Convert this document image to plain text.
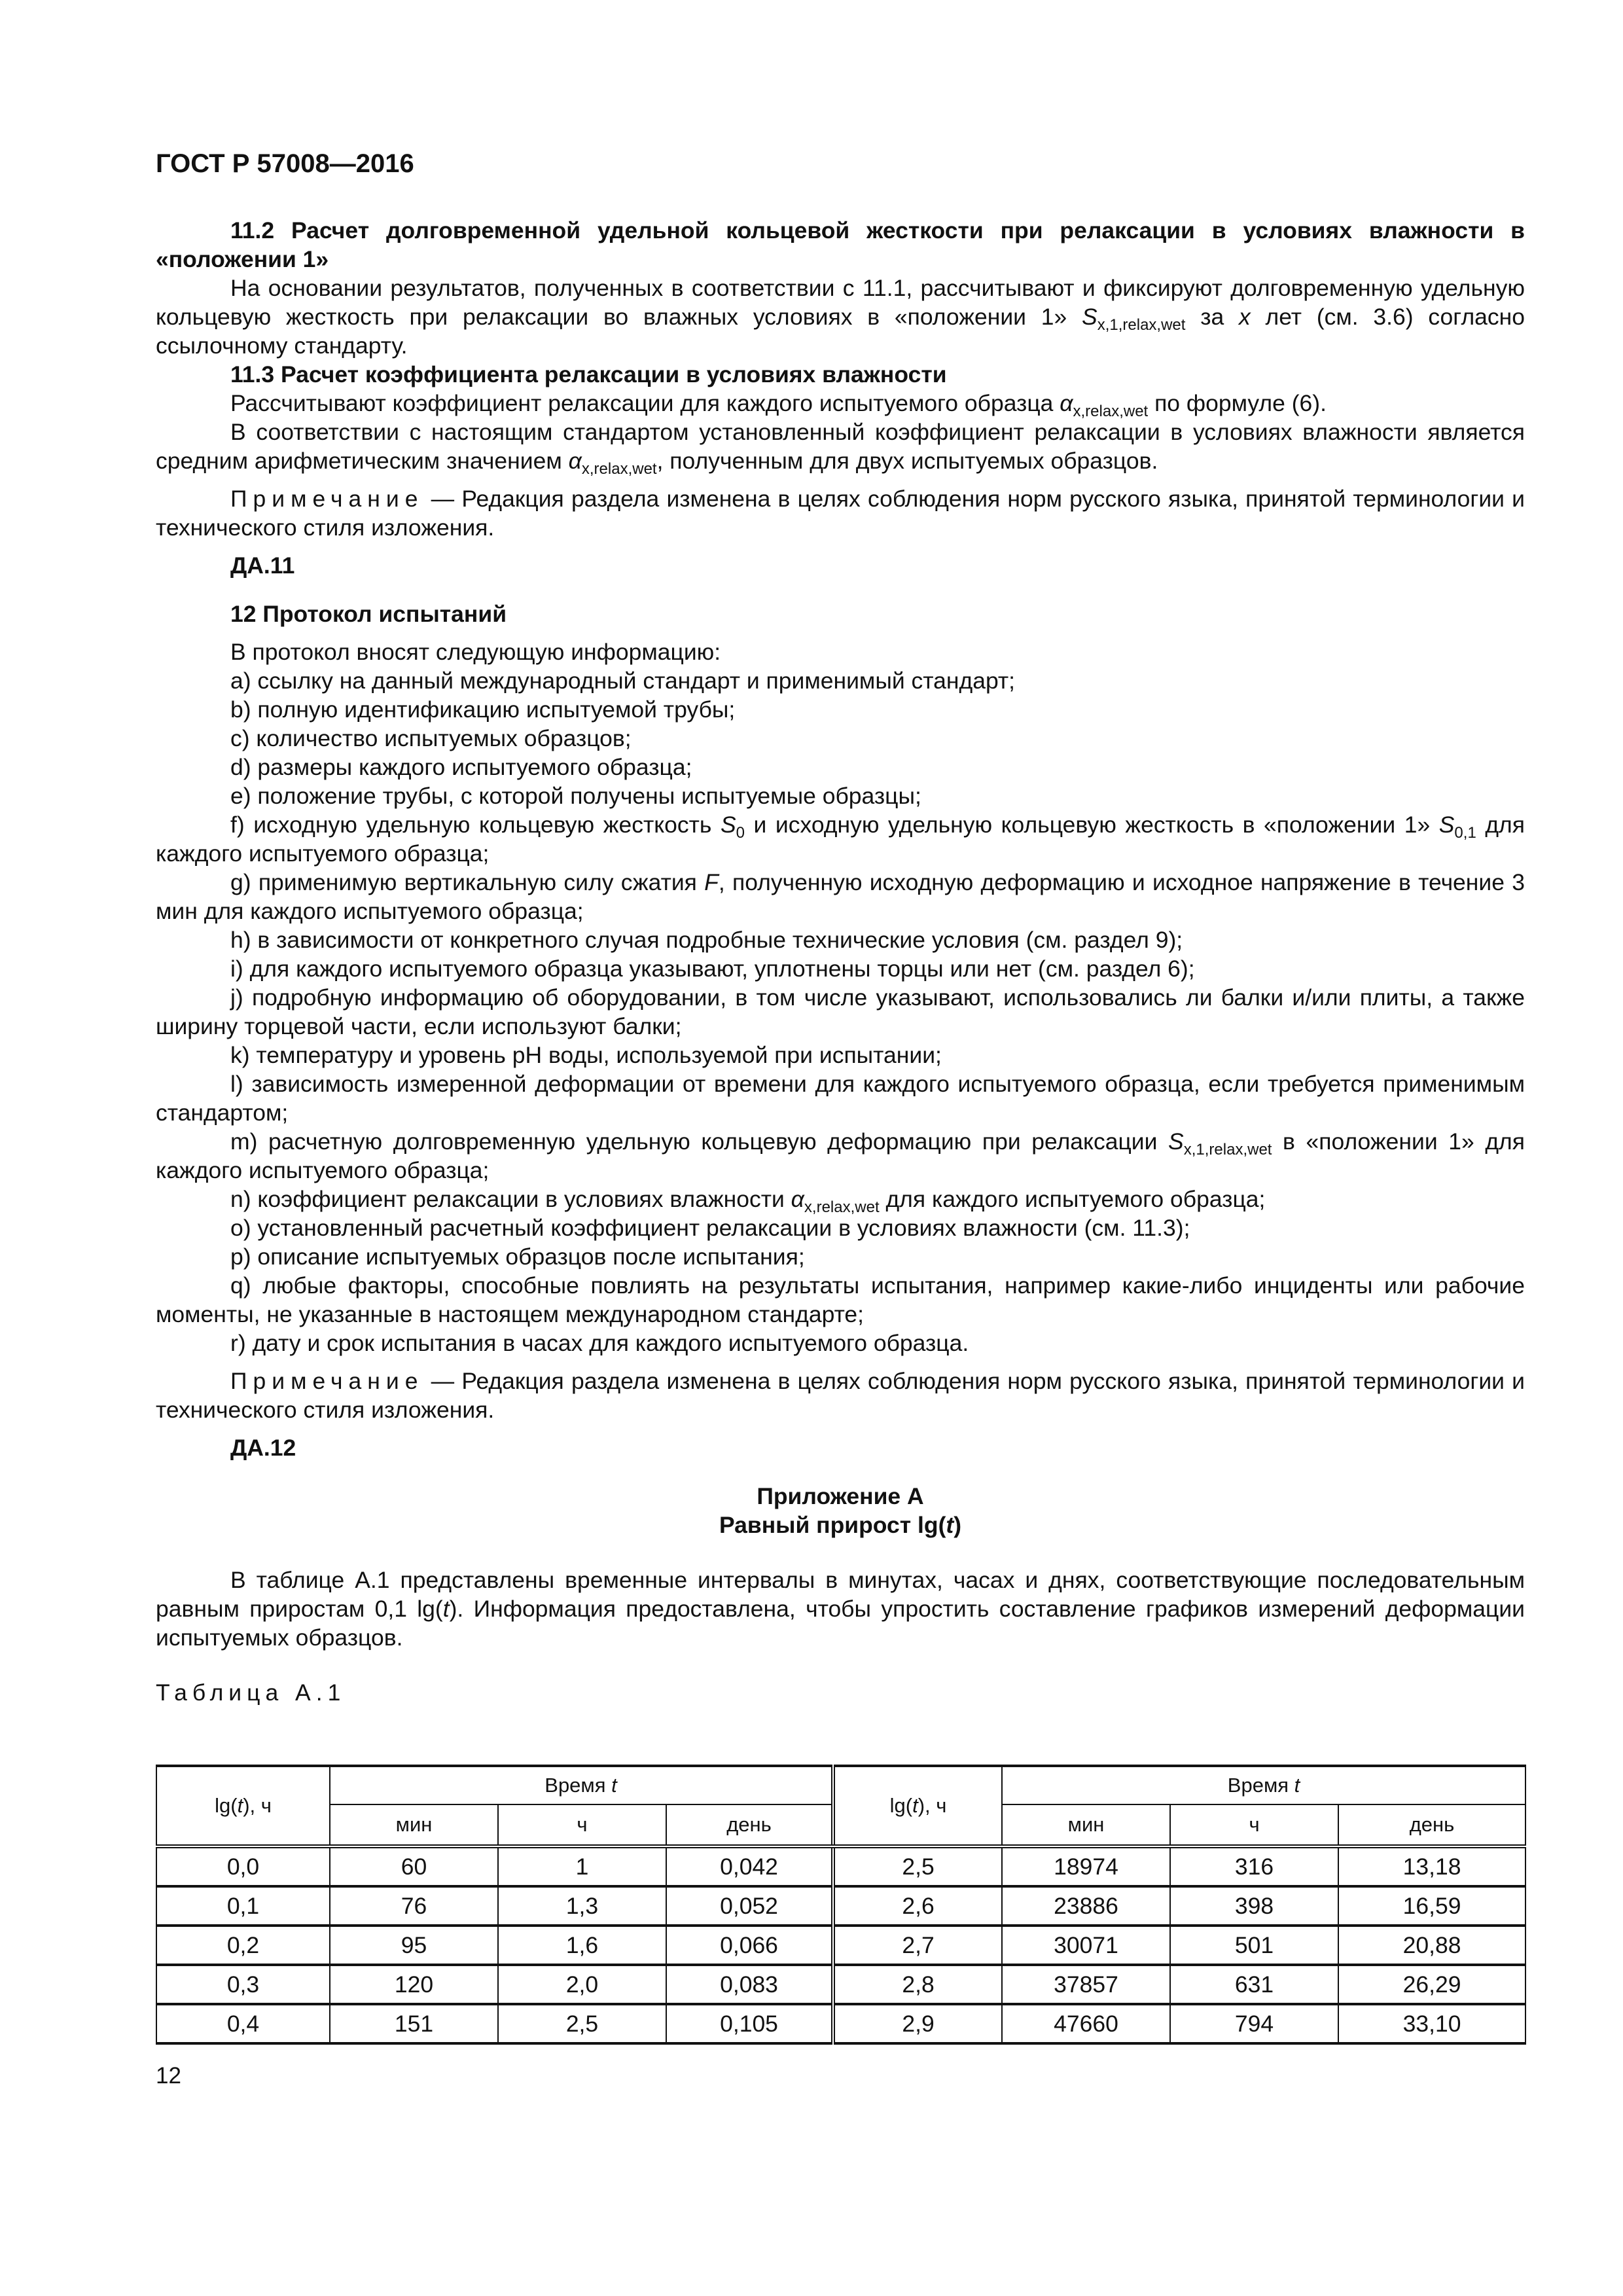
ГОСТ Р 57008—2016

11.2 Расчет долговременной удельной кольцевой жесткости при релаксации в условиях влажности в «положении 1»

На основании результатов, полученных в соответствии с 11.1, рассчитывают и фиксируют долговременную удельную кольцевую жесткость при релаксации во влажных условиях в «положении 1» $S_{x,1,relax,wet}$ за x лет (см. 3.6) согласно ссылочному стандарту.

11.3 Расчет коэффициента релаксации в условиях влажности

Рассчитывают коэффициент релаксации для каждого испытуемого образца $\alpha_{x,relax,wet}$ по формуле (6).

В соответствии с настоящим стандартом установленный коэффициент релаксации в условиях влажности является средним арифметическим значением $\alpha_{x,relax,wet}$, полученным для двух испытуемых образцов.

Примечание — Редакция раздела изменена в целях соблюдения норм русского языка, принятой терминологии и технического стиля изложения.

ДА.11

12 Протокол испытаний

В протокол вносят следующую информацию:

a) ссылку на данный международный стандарт и применимый стандарт;

b) полную идентификацию испытуемой трубы;

c) количество испытуемых образцов;

d) размеры каждого испытуемого образца;

e) положение трубы, с которой получены испытуемые образцы;

f) исходную удельную кольцевую жесткость $S_0$ и исходную удельную кольцевую жесткость в «положении 1» $S_{0,1}$ для каждого испытуемого образца;

g) применимую вертикальную силу сжатия F, полученную исходную деформацию и исходное напряжение в течение 3 мин для каждого испытуемого образца;

h) в зависимости от конкретного случая подробные технические условия (см. раздел 9);

i) для каждого испытуемого образца указывают, уплотнены торцы или нет (см. раздел 6);

j) подробную информацию об оборудовании, в том числе указывают, использовались ли балки и/или плиты, а также ширину торцевой части, если используют балки;

k) температуру и уровень pH воды, используемой при испытании;

l) зависимость измеренной деформации от времени для каждого испытуемого образца, если требуется применимым стандартом;

m) расчетную долговременную удельную кольцевую деформацию при релаксации $S_{x,1,relax,wet}$ в «положении 1» для каждого испытуемого образца;

n) коэффициент релаксации в условиях влажности $\alpha_{x,relax,wet}$ для каждого испытуемого образца;

o) установленный расчетный коэффициент релаксации в условиях влажности (см. 11.3);

p) описание испытуемых образцов после испытания;

q) любые факторы, способные повлиять на результаты испытания, например какие-либо инциденты или рабочие моменты, не указанные в настоящем международном стандарте;

r) дату и срок испытания в часах для каждого испытуемого образца.

Примечание — Редакция раздела изменена в целях соблюдения норм русского языка, принятой терминологии и технического стиля изложения.

ДА.12

Приложение А

Равный прирост lg(t)

В таблице А.1 представлены временные интервалы в минутах, часах и днях, соответствующие последовательным равным приростам 0,1 lg(t). Информация предоставлена, чтобы упростить составление графиков измерений деформации испытуемых образцов.

Таблица А.1

lg(t), ч	Время t			lg(t), ч	Время t		
	мин	ч	день		мин	ч	день
0,0	60	1	0,042	2,5	18974	316	13,18
0,1	76	1,3	0,052	2,6	23886	398	16,59
0,2	95	1,6	0,066	2,7	30071	501	20,88
0,3	120	2,0	0,083	2,8	37857	631	26,29
0,4	151	2,5	0,105	2,9	47660	794	33,10
12
